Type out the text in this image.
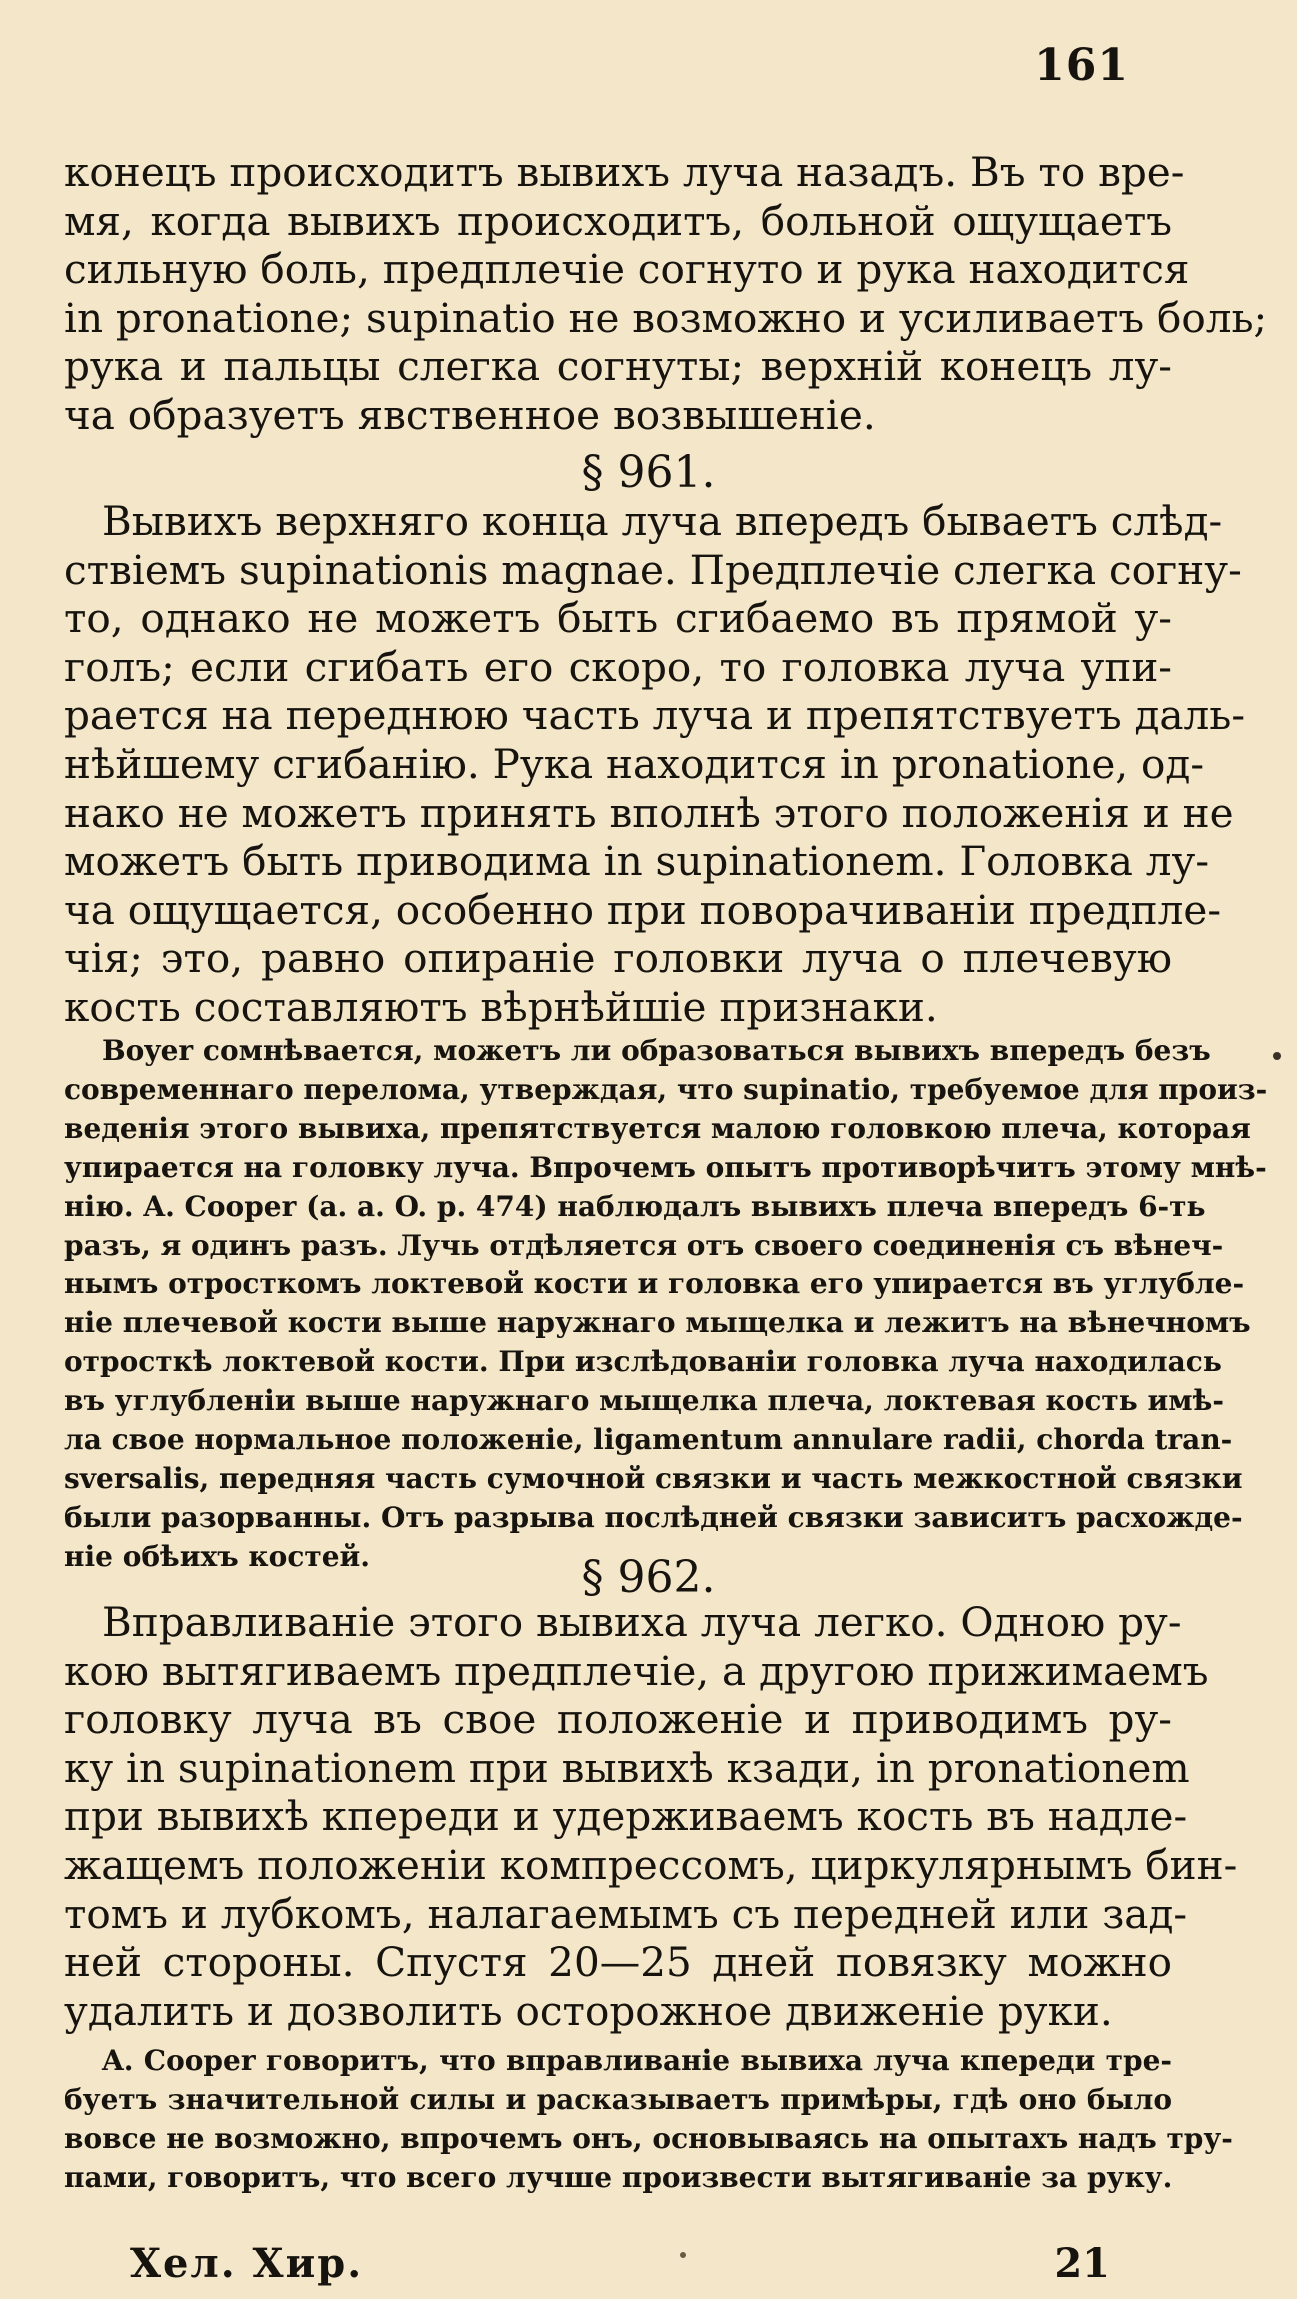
161
конецъ происходитъ вывихъ луча назадъ. Въ то вре-
мя, когда вывихъ происходитъ, больной ощущаетъ
сильную боль, предплечіе согнуто и рука находится
in pronatione; supinatio не возможно и усиливаетъ боль;
рука и пальцы слегка согнуты; верхній конецъ лу-
ча образуетъ явственное возвышеніе.
§ 961.
Вывихъ верхняго конца луча впередъ бываетъ слѣд-
ствіемъ supinationis magnae. Предплечіе слегка согну-
то, однако не можетъ быть сгибаемо въ прямой у-
голъ; если сгибать его скоро, то головка луча упи-
рается на переднюю часть луча и препятствуетъ даль-
нѣйшему сгибанію. Рука находится in pronatione, од-
нако не можетъ принять вполнѣ этого положенія и не
можетъ быть приводима in supinationem. Головка лу-
ча ощущается, особенно при поворачиваніи предпле-
чія; это, равно опираніе головки луча о плечевую
кость составляютъ вѣрнѣйшіе признаки.
Boyer сомнѣвается, можетъ ли образоваться вывихъ впередъ безъ
современнаго перелома, утверждая, что supinatio, требуемое для произ-
веденія этого вывиха, препятствуется малою головкою плеча, которая
упирается на головку луча. Впрочемъ опытъ противорѣчитъ этому мнѣ-
нію. A. Cooper (a. a. O. p. 474) наблюдалъ вывихъ плеча впередъ 6-ть
разъ, я одинъ разъ. Лучь отдѣляется отъ своего соединенія съ вѣнеч-
нымъ отросткомъ локтевой кости и головка его упирается въ углубле-
ніе плечевой кости выше наружнаго мыщелка и лежитъ на вѣнечномъ
отросткѣ локтевой кости. При изслѣдованіи головка луча находилась
въ углубленіи выше наружнаго мыщелка плеча, локтевая кость имѣ-
ла свое нормальное положеніе, ligamentum annulare radii, chorda tran-
sversalis, передняя часть сумочной связки и часть межкостной связки
были разорванны. Отъ разрыва послѣдней связки зависитъ расхожде-
ніе обѣихъ костей.	§ 962.
Вправливаніе этого вывиха луча легко. Одною ру-
кою вытягиваемъ предплечіе, а другою прижимаемъ
головку луча въ свое положеніе и приводимъ ру-
ку in supinationem при вывихѣ кзади, in pronationem
при вывихѣ кпереди и удерживаемъ кость въ надле-
жащемъ положеніи компрессомъ, циркулярнымъ бин-
томъ и лубкомъ, налагаемымъ съ передней или зад-
ней стороны. Спустя 20—25 дней повязку можно
удалить и дозволить осторожное движеніе руки.
A. Cooper говоритъ, что вправливаніе вывиха луча кпереди тре-
буетъ значительной силы и расказываетъ примѣры, гдѣ оно было
вовсе не возможно, впрочемъ онъ, основываясь на опытахъ надъ тру-
пами, говоритъ, что всего лучше произвести вытягиваніе за руку.
Хел. Хир.	21
